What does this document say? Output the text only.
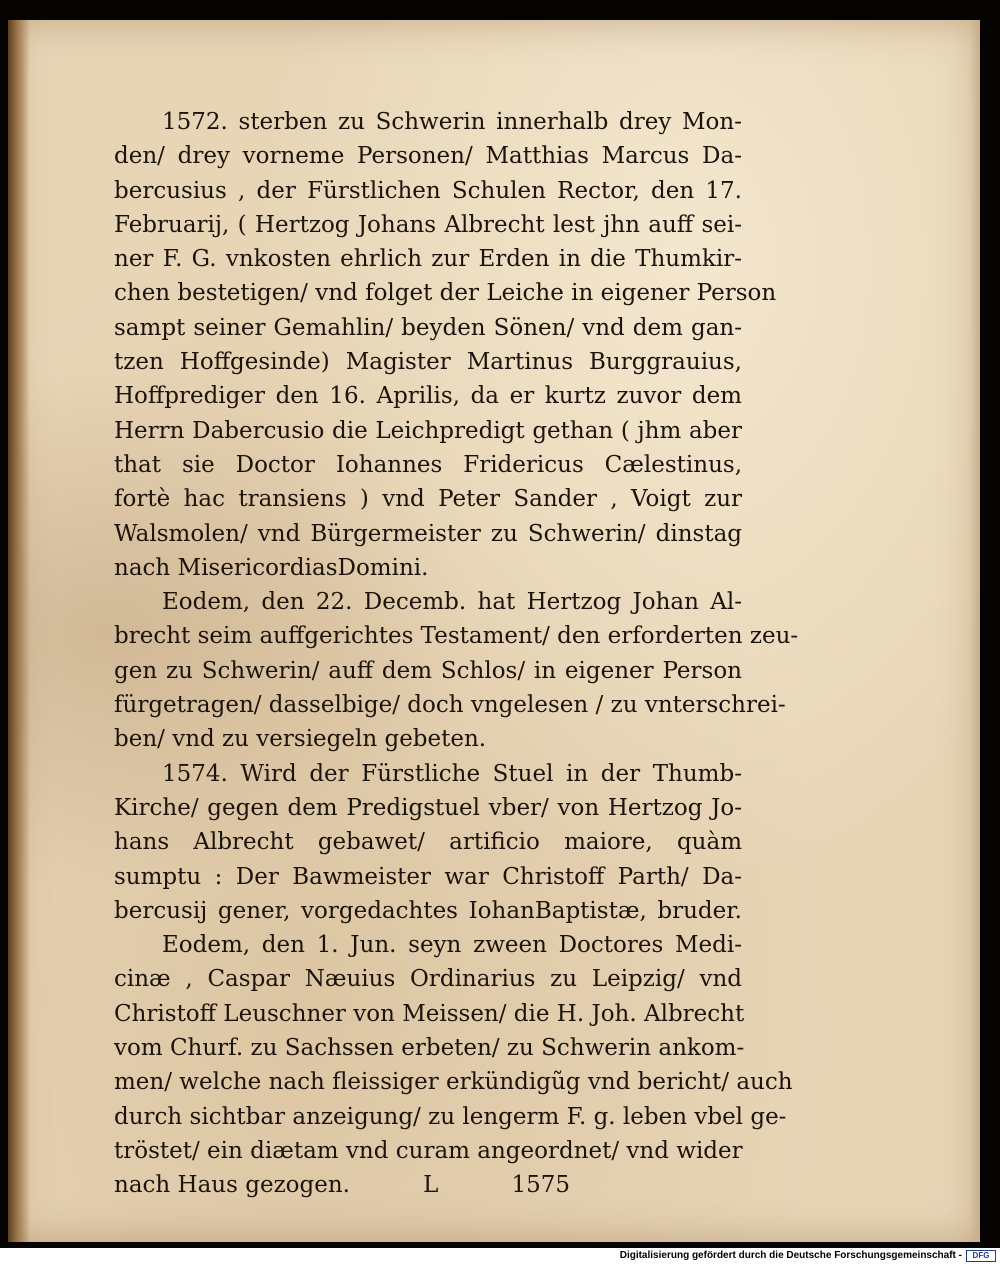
1572. sterben zu Schwerin innerhalb drey Mon-
den/ drey vorneme Personen/ Matthias Marcus Da-
bercusius , der Fürstlichen Schulen Rector, den 17.
Februarij, ( Hertzog Johans Albrecht lest jhn auff sei-
ner F. G. vnkosten ehrlich zur Erden in die Thumkir-
chen bestetigen/ vnd folget der Leiche in eigener Person
sampt seiner Gemahlin/ beyden Sönen/ vnd dem gan-
tzen Hoffgesinde) Magister Martinus Burggrauius,
Hoffprediger den 16. Aprilis, da er kurtz zuvor dem
Herrn Dabercusio die Leichpredigt gethan ( jhm aber
that sie Doctor Iohannes Fridericus Cælestinus,
fortè hac transiens ) vnd Peter Sander , Voigt zur
Walsmolen/ vnd Bürgermeister zu Schwerin/ dinstag
nach MisericordiasDomini.
Eodem, den 22. Decemb. hat Hertzog Johan Al-
brecht seim auffgerichtes Testament/ den erforderten zeu-
gen zu Schwerin/ auff dem Schlos/ in eigener Person
fürgetragen/ dasselbige/ doch vngelesen / zu vnterschrei-
ben/ vnd zu versiegeln gebeten.
1574. Wird der Fürstliche Stuel in der Thumb-
Kirche/ gegen dem Predigstuel vber/ von Hertzog Jo-
hans Albrecht gebawet/ artificio maiore, quàm
sumptu : Der Bawmeister war Christoff Parth/ Da-
bercusij gener, vorgedachtes IohanBaptistæ, bruder.
Eodem, den 1. Jun. seyn zween Doctores Medi-
cinæ , Caspar Næuius Ordinarius zu Leipzig/ vnd
Christoff Leuschner von Meissen/ die H. Joh. Albrecht
vom Churf. zu Sachssen erbeten/ zu Schwerin ankom-
men/ welche nach fleissiger erkündigũg vnd bericht/ auch
durch sichtbar anzeigung/ zu lengerm F. g. leben vbel ge-
tröstet/ ein diætam vnd curam angeordnet/ vnd wider
nach Haus gezogen.          L          1575
Digitalisierung gefördert durch die Deutsche Forschungsgemeinschaft -	DFG
